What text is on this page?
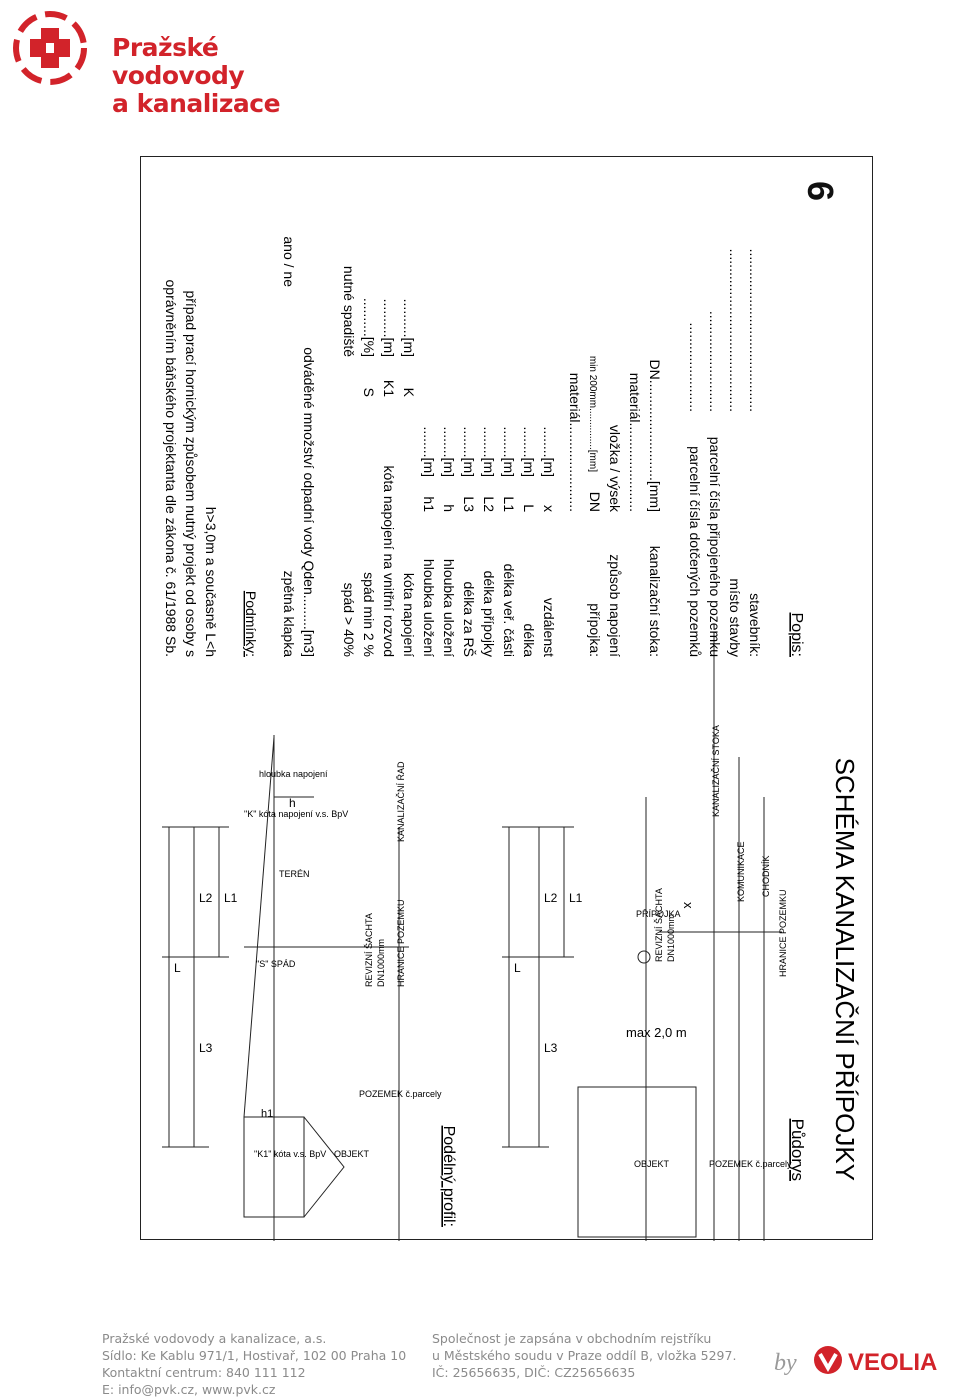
Pražské vodovody
a kanalizace
SCHÉMA KANALIZAČNÍ PŘÍPOJKY
Půdorys
KANALIZAČNÍ STOKA
KOMUNIKACE CHODNÍK
HRANICE POZEMKU
x
PŘÍPOJKA
REVIZNÍ ŠACHTA DN1000mm
max 2,0 m
POZEMEK č.parcely
OBJEKT
L1
L2
L3
L
Podélný profil:
KANALIZAČNÍ ŘAD
h
hloubka napojení
TERÉN
"K" kóta napojení v.s. BpV
HRANICE POZEMKU
REVIZNÍ ŠACHTA DN1000mm
"S" SPÁD
POZEMEK č.parcely
h1
OBJEKT
"K1" kóta v.s. BpV
L1
L2
L3
L
Popis:
stavebník:
..........................................
místo stavby
..........................................
parcelní čísla připojeného pozemku
..........................
parcelní čísla dotčených pozemků
.......................
kanalizační stoka:
DN..........................[mm]
materiál.......................
způsob napojení
vložka / výsek
přípojka:
DN
min 200mm...............[mm]
materiál.......................
vzdálenst
x
........[m]
délka
L
........[m]
délka veř. části
L1
........[m]
délka přípojky
L2
........[m]
délka za RŠ
L3
........[m]
hloubka uložení
h
........[m]
hloubka uložení
h1
........[m]
kóta napojení
K
..........[m]
kóta napojení na vnitřní rozvod
K1
..........[m]
spád min 2 %
S
..........[%]
spád > 40%
nutné spadiště
odváděné množství odpadní vody Qden.........[m3]
zpětná klapka
ano / ne
Podmínky:
h>3,0m a současně L<h
případ prací hornickým způsobem nutný projekt od osoby s
oprávněním báňského projektanta dle zákona č. 61/1988 Sb.
6
Pražské vodovody a kanalizace, a.s.
Sídlo: Ke Kablu 971/1, Hostivař, 102 00 Praha 10
Kontaktní centrum: 840 111 112
E: info@pvk.cz, www.pvk.cz
Společnost je zapsána v obchodním rejstříku
u Městského soudu v Praze oddíl B, vložka 5297.
IČ: 25656635, DIČ: CZ25656635	by VEOLIA
